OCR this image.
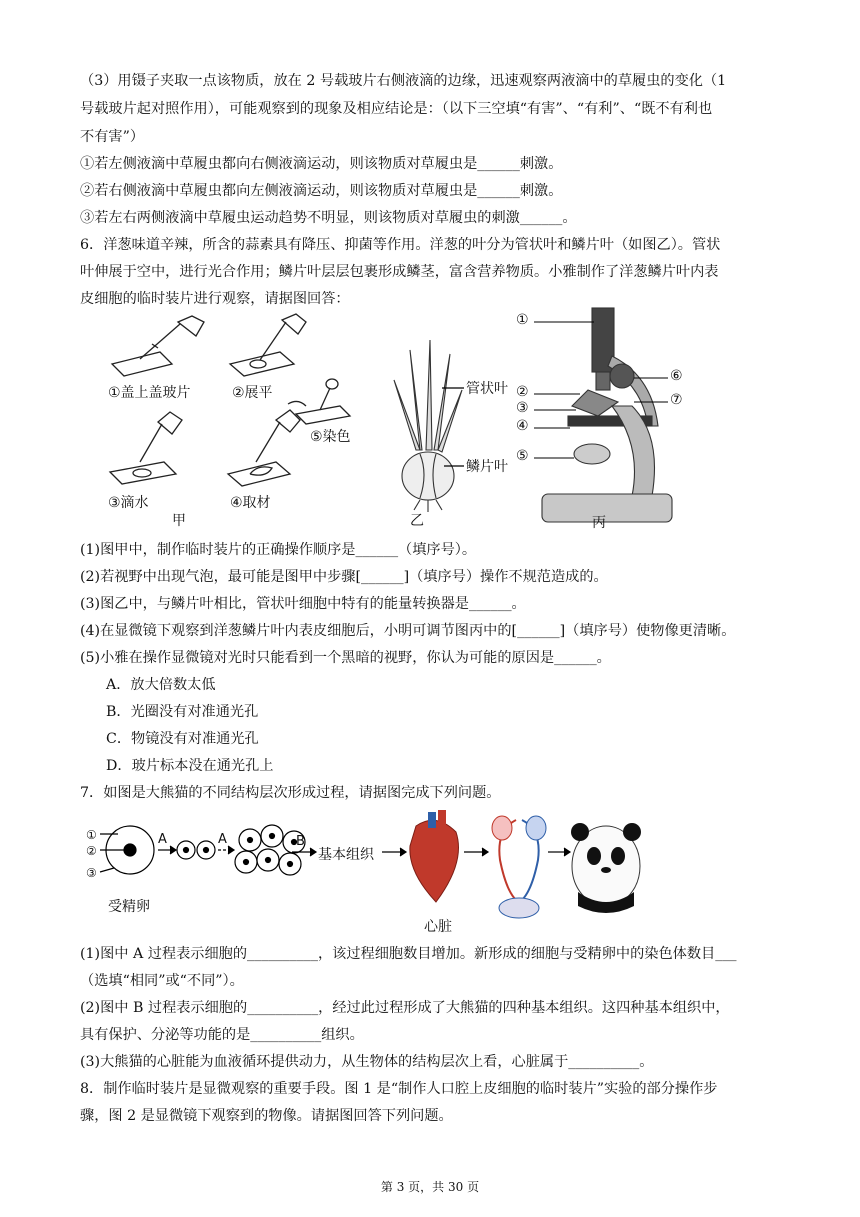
（3）用镊子夹取一点该物质，放在 2 号载玻片右侧液滴的边缘，迅速观察两液滴中的草履虫的变化（1
号载玻片起对照作用），可能观察到的现象及相应结论是：（以下三空填“有害”、“有利”、“既不有利也
不有害”）
①若左侧液滴中草履虫都向右侧液滴运动，则该物质对草履虫是______刺激。
②若右侧液滴中草履虫都向左侧液滴运动，则该物质对草履虫是______刺激。
③若左右两侧液滴中草履虫运动趋势不明显，则该物质对草履虫的刺激______。
6．洋葱味道辛辣，所含的蒜素具有降压、抑菌等作用。洋葱的叶分为管状叶和鳞片叶（如图乙）。管状
叶伸展于空中，进行光合作用；鳞片叶层层包裹形成鳞茎，富含营养物质。小雅制作了洋葱鳞片叶内表
皮细胞的临时装片进行观察，请据图回答：
①盖上盖玻片	②展平
⑤染色
③滴水	④取材
甲
管状叶
鳞片叶
乙
①
②
③
④
⑤
⑥
⑦
丙
(1)图甲中，制作临时装片的正确操作顺序是______（填序号）。
(2)若视野中出现气泡，最可能是图甲中步骤[______]（填序号）操作不规范造成的。
(3)图乙中，与鳞片叶相比，管状叶细胞中特有的能量转换器是______。
(4)在显微镜下观察到洋葱鳞片叶内表皮细胞后，小明可调节图丙中的[______]（填序号）使物像更清晰。
(5)小雅在操作显微镜对光时只能看到一个黑暗的视野，你认为可能的原因是______。
A．放大倍数太低
B．光圈没有对准通光孔
C．物镜没有对准通光孔
D．玻片标本没在通光孔上
7．如图是大熊猫的不同结构层次形成过程，请据图完成下列问题。
①
②
③
受精卵
A	A	B
基本组织
心脏
(1)图中 A 过程表示细胞的__________，该过程细胞数目增加。新形成的细胞与受精卵中的染色体数目___
（选填“相同”或“不同”）。
(2)图中 B 过程表示细胞的__________，经过此过程形成了大熊猫的四种基本组织。这四种基本组织中，
具有保护、分泌等功能的是__________组织。
(3)大熊猫的心脏能为血液循环提供动力，从生物体的结构层次上看，心脏属于__________。
8．制作临时装片是显微观察的重要手段。图 1 是“制作人口腔上皮细胞的临时装片”实验的部分操作步
骤，图 2 是显微镜下观察到的物像。请据图回答下列问题。
第 3 页，共 30 页
